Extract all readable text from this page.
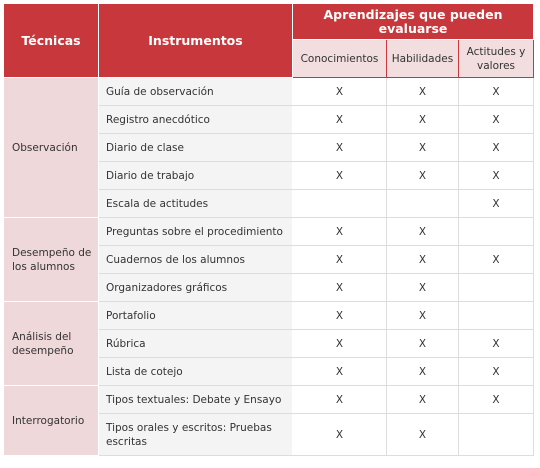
Técnicas	Instrumentos	Aprendizajes que pueden evaluarse		
		Conocimientos	Habilidades	Actitudes y valores
Observación	Guía de observación	X	X	X
	Registro anecdótico	X	X	X
	Diario de clase	X	X	X
	Diario de trabajo	X	X	X
	Escala de actitudes			X
Desempeño de los alumnos	Preguntas sobre el procedimiento	X	X	
	Cuadernos de los alumnos	X	X	X
	Organizadores gráficos	X	X	
Análisis del desempeño	Portafolio	X	X	
	Rúbrica	X	X	X
	Lista de cotejo	X	X	X
Interrogatorio	Tipos textuales: Debate y Ensayo	X	X	X
	Tipos orales y escritos: Pruebas escritas	X	X	
